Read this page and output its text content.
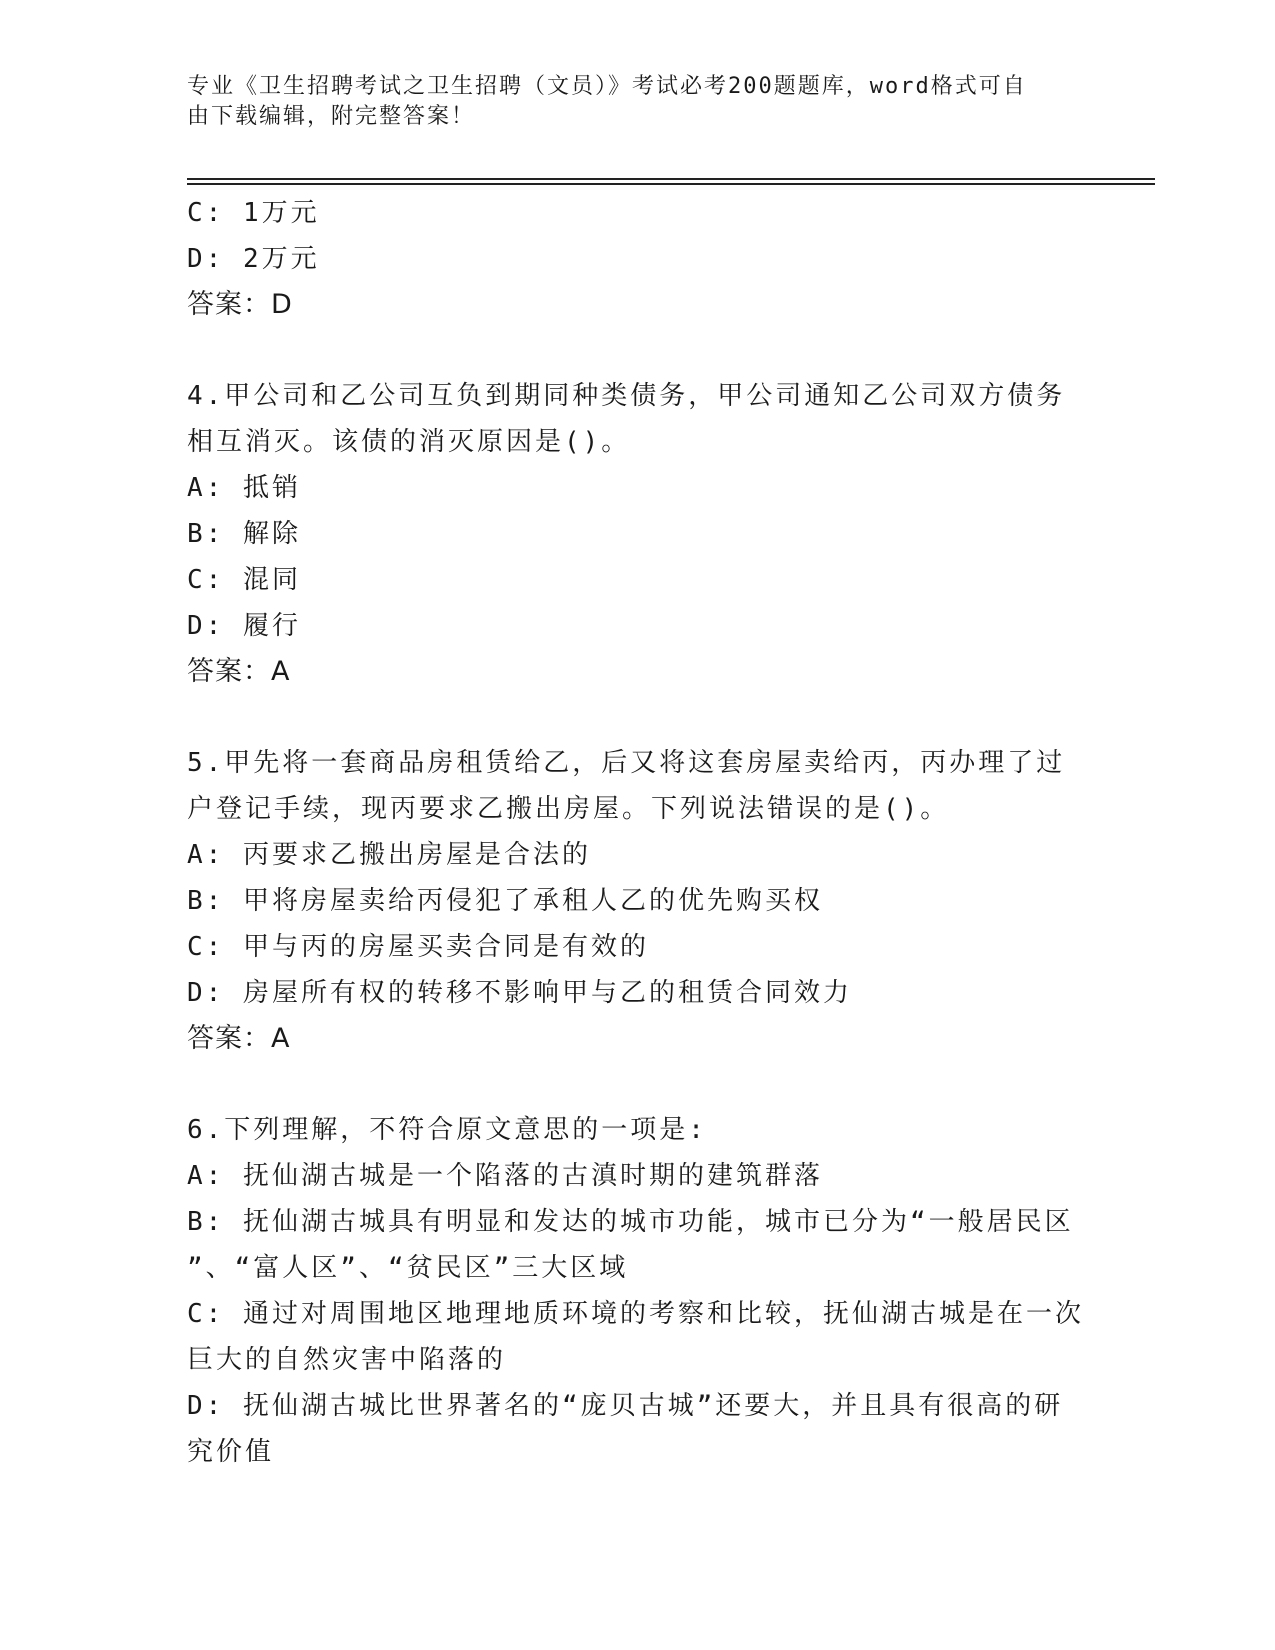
专业《卫生招聘考试之卫生招聘（文员）》考试必考200题题库，word格式可自
由下载编辑，附完整答案！
C: 1万元
D: 2万元
答案：D
4.甲公司和乙公司互负到期同种类债务，甲公司通知乙公司双方债务
相互消灭。该债的消灭原因是()。
A: 抵销
B: 解除
C: 混同
D: 履行
答案：A
5.甲先将一套商品房租赁给乙，后又将这套房屋卖给丙，丙办理了过
户登记手续，现丙要求乙搬出房屋。下列说法错误的是()。
A: 丙要求乙搬出房屋是合法的
B: 甲将房屋卖给丙侵犯了承租人乙的优先购买权
C: 甲与丙的房屋买卖合同是有效的
D: 房屋所有权的转移不影响甲与乙的租赁合同效力
答案：A
6.下列理解，不符合原文意思的一项是:
A: 抚仙湖古城是一个陷落的古滇时期的建筑群落
B: 抚仙湖古城具有明显和发达的城市功能，城市已分为“一般居民区
”、“富人区”、“贫民区”三大区域
C: 通过对周围地区地理地质环境的考察和比较，抚仙湖古城是在一次
巨大的自然灾害中陷落的
D: 抚仙湖古城比世界著名的“庞贝古城”还要大，并且具有很高的研
究价值
